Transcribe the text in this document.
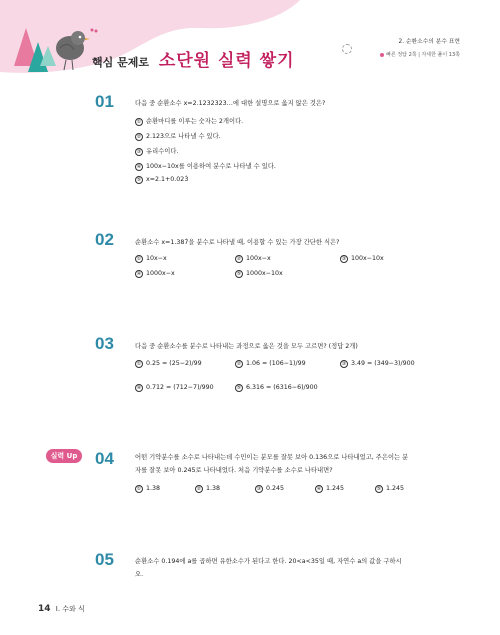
핵심 문제로 소단원 실력 쌓기
2. 순환소수의 분수 표현
빠른 정답 2쪽 | 자세한 풀이 13쪽
01	다음 중 순환소수 x=2.1232323…에 대한 설명으로 옳지 않은 것은?
① 순환마디를 이루는 숫자는 2개이다.
② 2.123̇으로 나타낼 수 있다.
③ 유리수이다.
④ 100x−10x를 이용하여 분수로 나타낼 수 있다.
⑤ x=2.1+0.023̇
02	순환소수 x=1.387̇을 분수로 나타낼 때, 이용할 수 있는 가장 간단한 식은?
① 10x−x	② 100x−x	③ 100x−10x
④ 1000x−x	⑤ 1000x−10x
03	다음 중 순환소수를 분수로 나타내는 과정으로 옳은 것을 모두 고르면? (정답 2개)
① 0.25̇ = (25−2)/99	② 1.0̇6̇ = (106−1)/99	③ 3.49̇ = (349−3)/900
④ 0.71̇2̇ = (712−7)/990	⑤ 6.3̇16̇ = (6316−6)/900
실력 Up 04	어떤 기약분수를 소수로 나타내는데 수민이는 분모를 잘못 보아 0.13̇6̇으로 나타내었고, 주은이는 분
자를 잘못 보아 0.24̇5̇로 나타내었다. 처음 기약분수를 소수로 나타내면?
① 1.3̇8̇	② 1.38̇	③ 0.2̇45̇	④ 1.24̇5̇	⑤ 1.245̇
05	순환소수 0.194̇에 a를 곱하면 유한소수가 된다고 한다. 20<a<35일 때, 자연수 a의 값을 구하시
오.
14 I. 수와 식
